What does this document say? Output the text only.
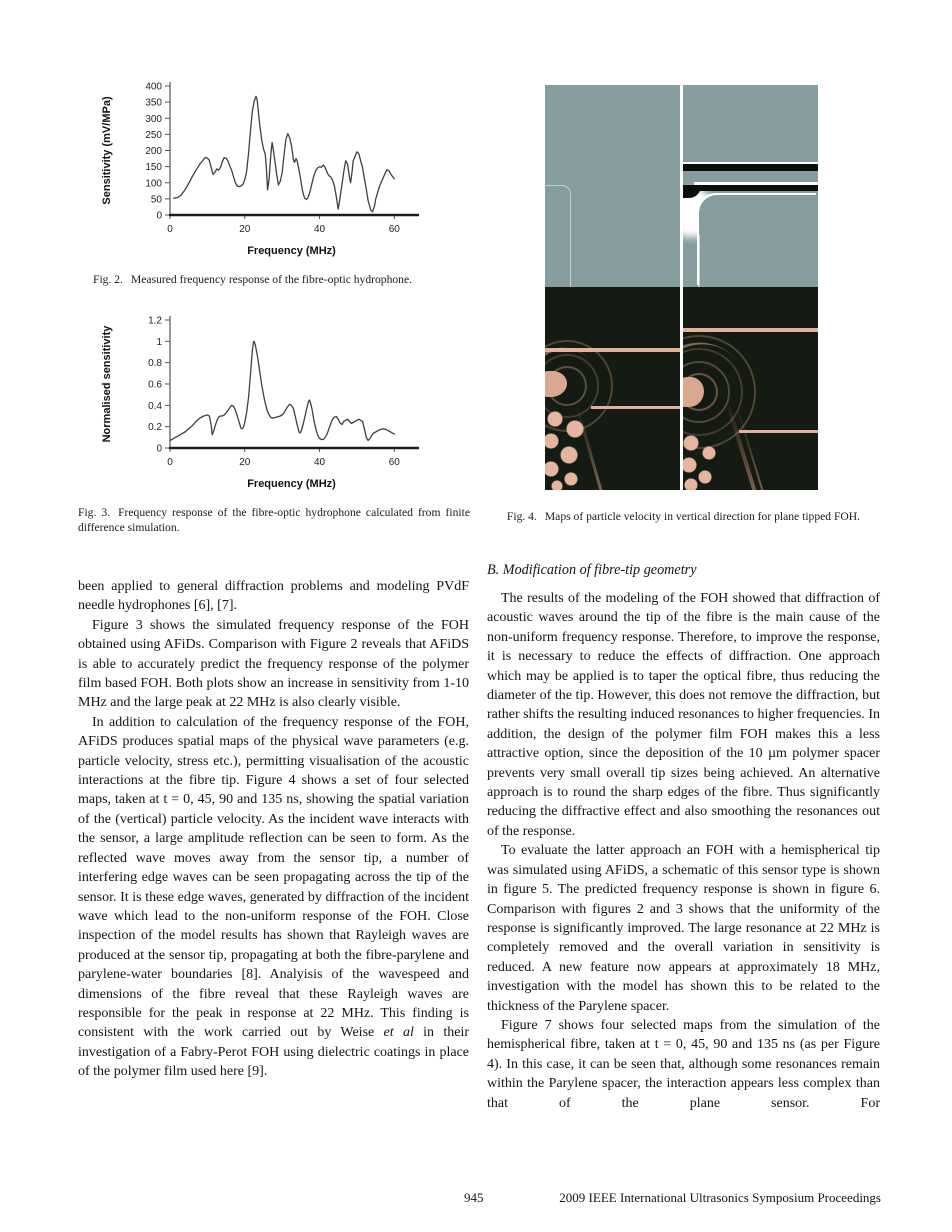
0
50
100
150
200
250
300
350
400
0	20	40	60
Frequency (MHz)
Sensitivity (mV/MPa)
Fig. 2. Measured frequency response of the fibre-optic hydrophone.
0
0.2
0.4
0.6
0.8
1
1.2
0	20	40	60
Frequency (MHz)
Normalised sensitivity
Fig. 3. Frequency response of the fibre-optic hydrophone calculated from finite difference simulation.
Fig. 4. Maps of particle velocity in vertical direction for plane tipped FOH.

been applied to general diffraction problems and modeling PVdF needle hydrophones [6], [7].

Figure 3 shows the simulated frequency response of the FOH obtained using AFiDs. Comparison with Figure 2 reveals that AFiDS is able to accurately predict the frequency response of the polymer film based FOH. Both plots show an increase in sensitivity from 1-10 MHz and the large peak at 22 MHz is also clearly visible.

In addition to calculation of the frequency response of the FOH, AFiDS produces spatial maps of the physical wave parameters (e.g. particle velocity, stress etc.), permitting visualisation of the acoustic interactions at the fibre tip. Figure 4 shows a set of four selected maps, taken at t = 0, 45, 90 and 135 ns, showing the spatial variation of the (vertical) particle velocity. As the incident wave interacts with the sensor, a large amplitude reflection can be seen to form. As the reflected wave moves away from the sensor tip, a number of interfering edge waves can be seen propagating across the tip of the sensor. It is these edge waves, generated by diffraction of the incident wave which lead to the non-uniform response of the FOH. Close inspection of the model results has shown that Rayleigh waves are produced at the sensor tip, propagating at both the fibre-parylene and parylene-water boundaries [8]. Analyisis of the wavespeed and dimensions of the fibre reveal that these Rayleigh waves are responsible for the peak in response at 22 MHz. This finding is consistent with the work carried out by Weise et al in their investigation of a Fabry-Perot FOH using dielectric coatings in place of the polymer film used here [9].

B. Modification of fibre-tip geometry

The results of the modeling of the FOH showed that diffraction of acoustic waves around the tip of the fibre is the main cause of the non-uniform frequency response. Therefore, to improve the response, it is necessary to reduce the effects of diffraction. One approach which may be applied is to taper the optical fibre, thus reducing the diameter of the tip. However, this does not remove the diffraction, but rather shifts the resulting induced resonances to higher frequencies. In addition, the design of the polymer film FOH makes this a less attractive option, since the deposition of the 10 µm polymer spacer prevents very small overall tip sizes being achieved. An alternative approach is to round the sharp edges of the fibre. Thus significantly reducing the diffractive effect and also smoothing the resonances out of the response.

To evaluate the latter approach an FOH with a hemispherical tip was simulated using AFiDS, a schematic of this sensor type is shown in figure 5. The predicted frequency response is shown in figure 6. Comparison with figures 2 and 3 shows that the uniformity of the response is significantly improved. The large resonance at 22 MHz is completely removed and the overall variation in sensitivity is reduced. A new feature now appears at approximately 18 MHz, investigation with the model has shown this to be related to the thickness of the Parylene spacer.

Figure 7 shows four selected maps from the simulation of the hemispherical fibre, taken at t = 0, 45, 90 and 135 ns (as per Figure 4). In this case, it can be seen that, although some resonances remain within the Parylene spacer, the interaction appears less complex than that of the plane sensor. For

945	2009 IEEE International Ultrasonics Symposium Proceedings
